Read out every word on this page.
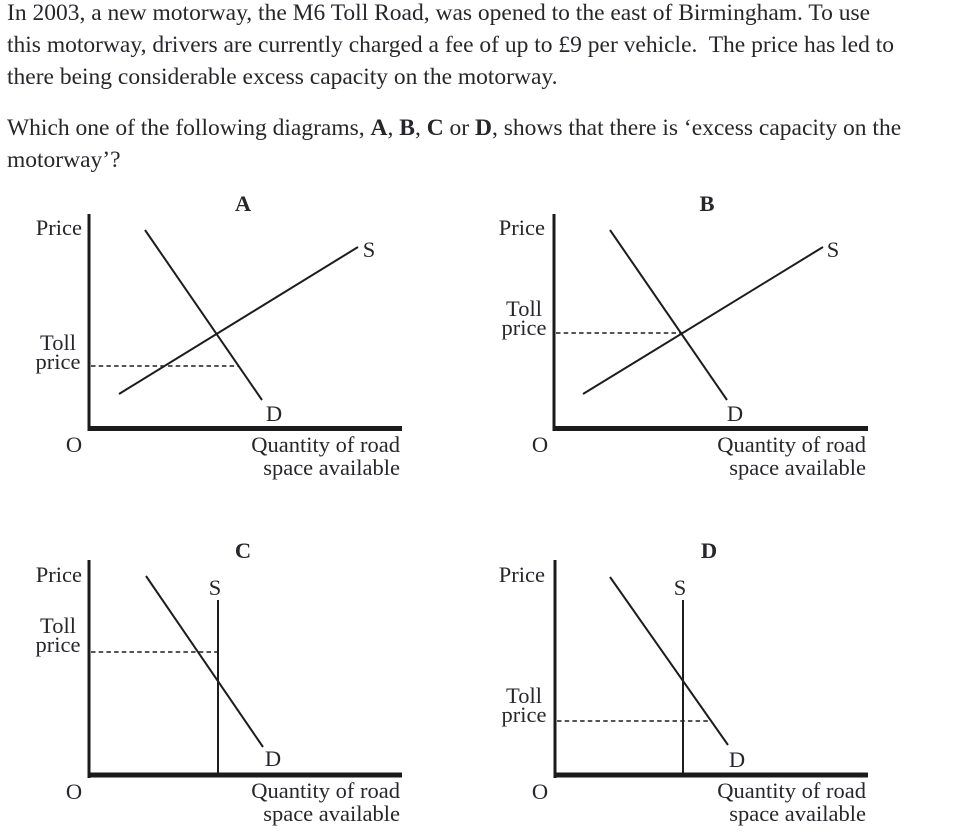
In 2003, a new motorway, the M6 Toll Road, was opened to the east of Birmingham. To use
this motorway, drivers are currently charged a fee of up to £9 per vehicle.  The price has led to
there being considerable excess capacity on the motorway.

Which one of the following diagrams, A, B, C or D, shows that there is ‘excess capacity on the
motorway’?

A
Price
Toll
price
O
S
D
Quantity of road
space available
B
Price
Toll
price
O
S
D
Quantity of road
space available
C
Price
Toll
price
O
S
D
Quantity of road
space available
D
Price
Toll
price
O
S
D
Quantity of road
space available
